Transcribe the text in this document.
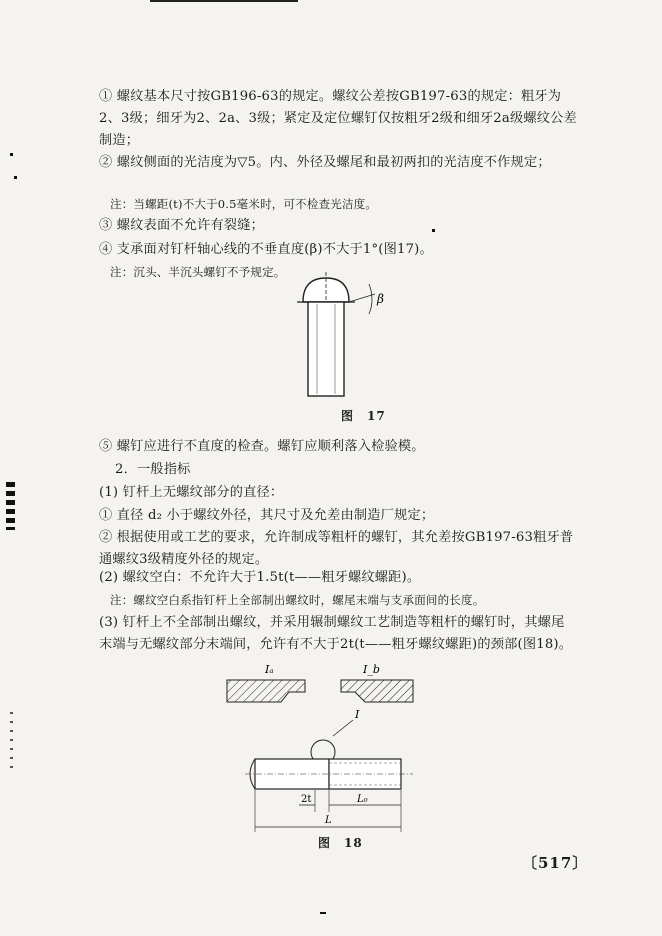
① 螺纹基本尺寸按GB196-63的规定。螺纹公差按GB197-63的规定：粗牙为2、3级；细牙为2、2a、3级；紧定及定位螺钉仅按粗牙2级和细牙2a级螺纹公差制造；

② 螺纹侧面的光洁度为▽5。内、外径及螺尾和最初两扣的光洁度不作规定；

注：当螺距(t)不大于0.5毫米时，可不检查光洁度。

③ 螺纹表面不允许有裂缝；

④ 支承面对钉杆轴心线的不垂直度(β)不大于1°(图17)。

注：沉头、半沉头螺钉不予规定。

β
图　17

⑤ 螺钉应进行不直度的检查。螺钉应顺利落入检验模。

2．一般指标

(1) 钉杆上无螺纹部分的直径：

① 直径 d₂ 小于螺纹外径，其尺寸及允差由制造厂规定；

② 根据使用或工艺的要求，允许制成等粗杆的螺钉，其允差按GB197-63粗牙普通螺纹3级精度外径的规定。

(2) 螺纹空白：不允许大于1.5t(t——粗牙螺纹螺距)。

注：螺纹空白系指钉杆上全部制出螺纹时，螺尾末端与支承面间的长度。

(3) 钉杆上不全部制出螺纹，并采用辗制螺纹工艺制造等粗杆的螺钉时，其螺尾末端与无螺纹部分末端间，允许有不大于2t(t——粗牙螺纹螺距)的颈部(图18)。

Iₐ	I_b
I
2t	L₀
L
图　18
〔517〕
